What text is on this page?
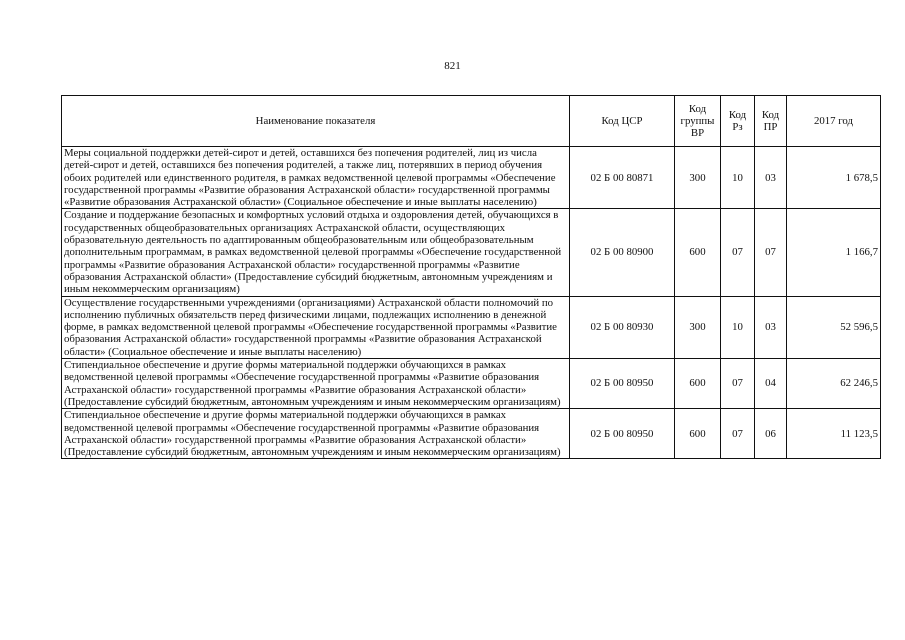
821
Наименование показателя	Код ЦСР	Код группы ВР	Код Рз	Код ПР	2017 год
Меры социальной поддержки детей-сирот и детей, оставшихся без попечения родителей, лиц из числа детей-сирот и детей, оставшихся без попечения родителей, а также лиц, потерявших в период обучения обоих родителей или единственного родителя, в рамках ведомственной целевой программы «Обеспечение государственной программы «Развитие образования Астраханской области» государственной программы «Развитие образования Астраханской области» (Социальное обеспечение и иные выплаты населению)	02 Б 00 80871	300	10	03	1 678,5
Создание и поддержание безопасных и комфортных условий отдыха и оздоровления детей, обучающихся в государственных общеобразовательных организациях Астраханской области, осуществляющих образовательную деятельность по адаптированным общеобразовательным или общеобразовательным дополнительным программам, в рамках ведомственной целевой программы «Обеспечение государственной программы «Развитие образования Астраханской области» государственной программы «Развитие образования Астраханской области» (Предоставление субсидий бюджетным, автономным учреждениям и иным некоммерческим организациям)	02 Б 00 80900	600	07	07	1 166,7
Осуществление государственными учреждениями (организациями) Астраханской области полномочий по исполнению публичных обязательств перед физическими лицами, подлежащих исполнению в денежной форме, в рамках ведомственной целевой программы «Обеспечение государственной программы «Развитие образования Астраханской области» государственной программы «Развитие образования Астраханской области» (Социальное обеспечение и иные выплаты населению)	02 Б 00 80930	300	10	03	52 596,5
Стипендиальное обеспечение и другие формы материальной поддержки обучающихся в рамках ведомственной целевой программы «Обеспечение государственной программы «Развитие образования Астраханской области» государственной программы «Развитие образования Астраханской области» (Предоставление субсидий бюджетным, автономным учреждениям и иным некоммерческим организациям)	02 Б 00 80950	600	07	04	62 246,5
Стипендиальное обеспечение и другие формы материальной поддержки обучающихся в рамках ведомственной целевой программы «Обеспечение государственной программы «Развитие образования Астраханской области» государственной программы «Развитие образования Астраханской области» (Предоставление субсидий бюджетным, автономным учреждениям и иным некоммерческим организациям)	02 Б 00 80950	600	07	06	11 123,5
